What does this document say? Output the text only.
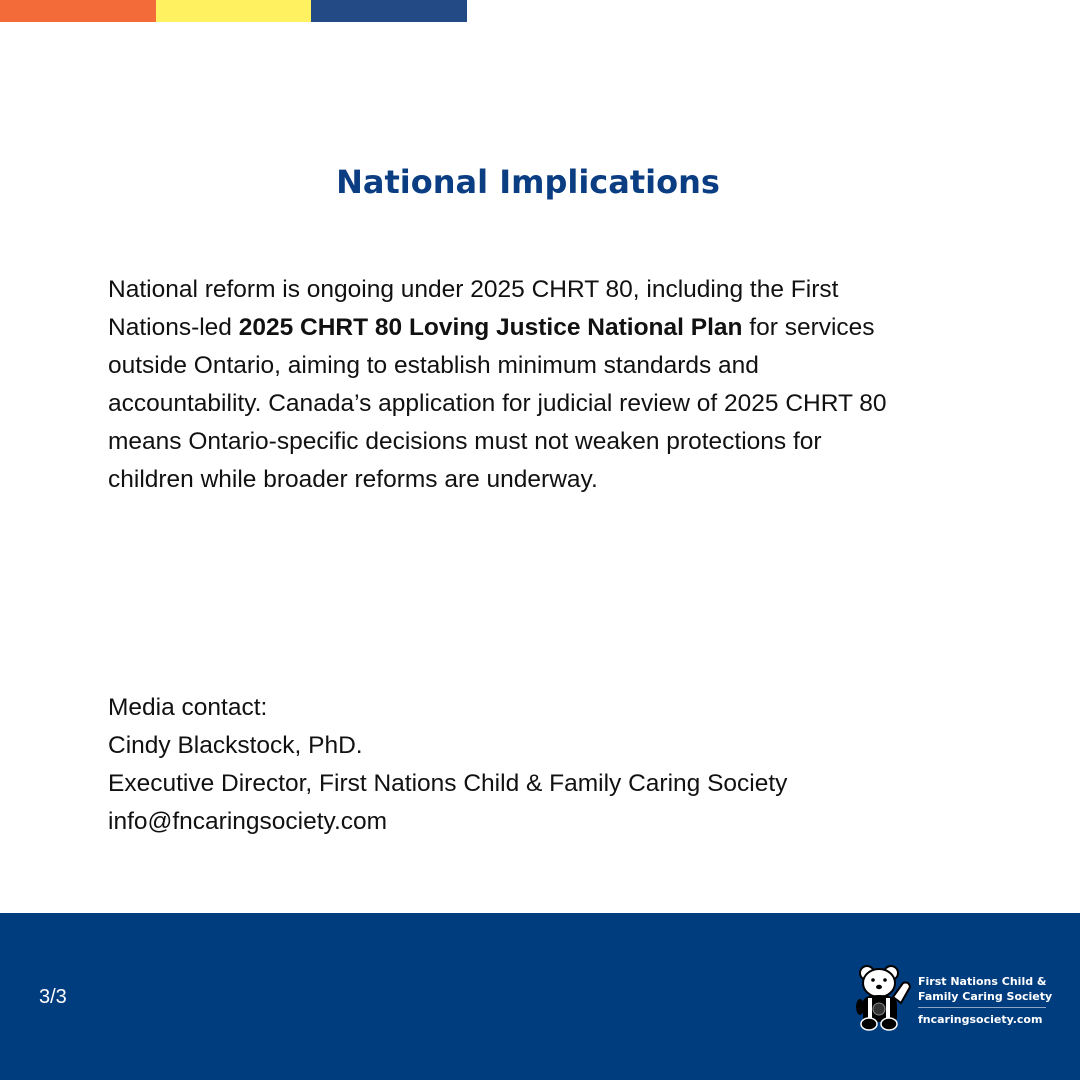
National Implications

National reform is ongoing under 2025 CHRT 80, including the First
Nations-led 2025 CHRT 80 Loving Justice National Plan for services
outside Ontario, aiming to establish minimum standards and
accountability. Canada’s application for judicial review of 2025 CHRT 80
means Ontario-specific decisions must not weaken protections for
children while broader reforms are underway.

Media contact:
Cindy Blackstock, PhD.
Executive Director, First Nations Child & Family Caring Society
info@fncaringsociety.com
3/3
First Nations Child &
Family Caring Society
fncaringsociety.com
